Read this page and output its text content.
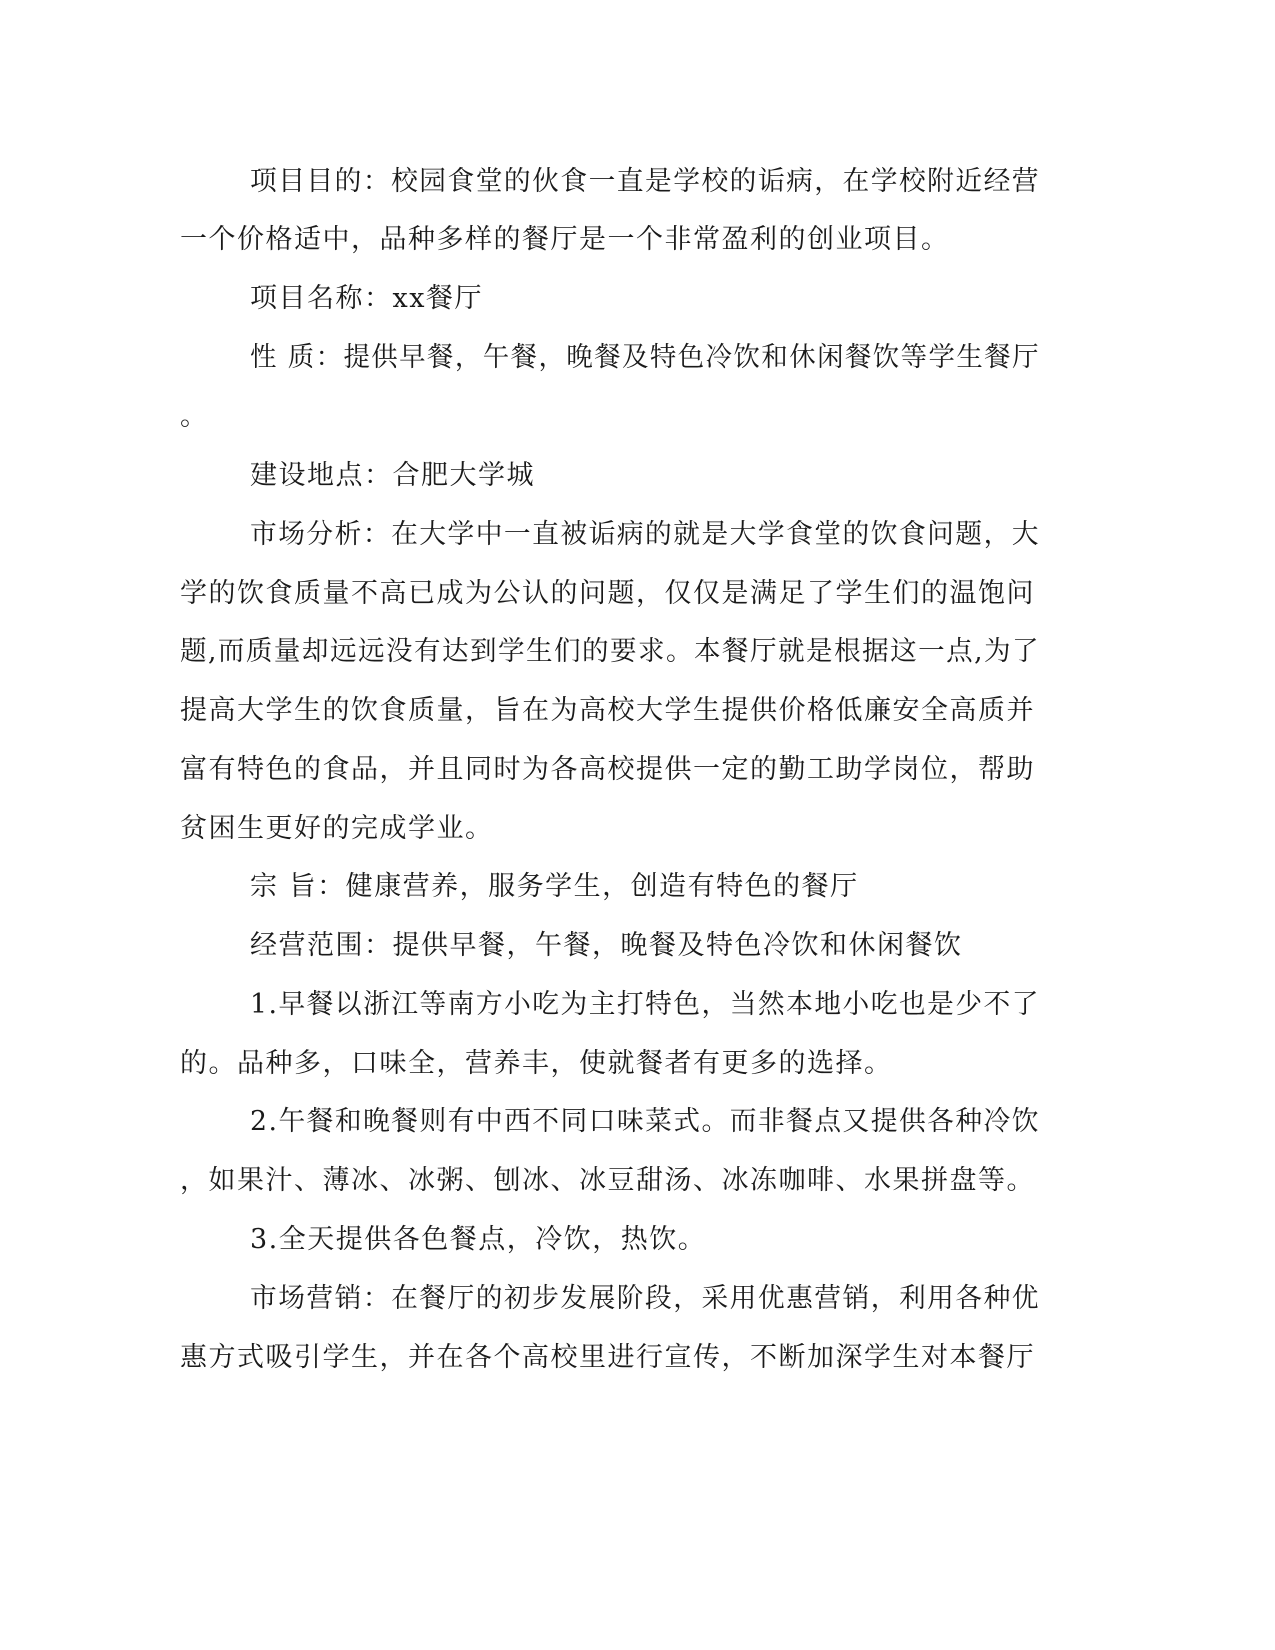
项目目的：校园食堂的伙食一直是学校的诟病，在学校附近经营
一个价格适中，品种多样的餐厅是一个非常盈利的创业项目。
项目名称：xx餐厅
性 质：提供早餐，午餐，晚餐及特色冷饮和休闲餐饮等学生餐厅
。
建设地点：合肥大学城
市场分析：在大学中一直被诟病的就是大学食堂的饮食问题，大
学的饮食质量不高已成为公认的问题，仅仅是满足了学生们的温饱问
题,而质量却远远没有达到学生们的要求。本餐厅就是根据这一点,为了
提高大学生的饮食质量，旨在为高校大学生提供价格低廉安全高质并
富有特色的食品，并且同时为各高校提供一定的勤工助学岗位，帮助
贫困生更好的完成学业。
宗 旨：健康营养，服务学生，创造有特色的餐厅
经营范围：提供早餐，午餐，晚餐及特色冷饮和休闲餐饮
1.早餐以浙江等南方小吃为主打特色，当然本地小吃也是少不了
的。品种多，口味全，营养丰，使就餐者有更多的选择。
2.午餐和晚餐则有中西不同口味菜式。而非餐点又提供各种冷饮
，如果汁、薄冰、冰粥、刨冰、冰豆甜汤、冰冻咖啡、水果拼盘等。
3.全天提供各色餐点，冷饮，热饮。
市场营销：在餐厅的初步发展阶段，采用优惠营销，利用各种优
惠方式吸引学生，并在各个高校里进行宣传，不断加深学生对本餐厅
